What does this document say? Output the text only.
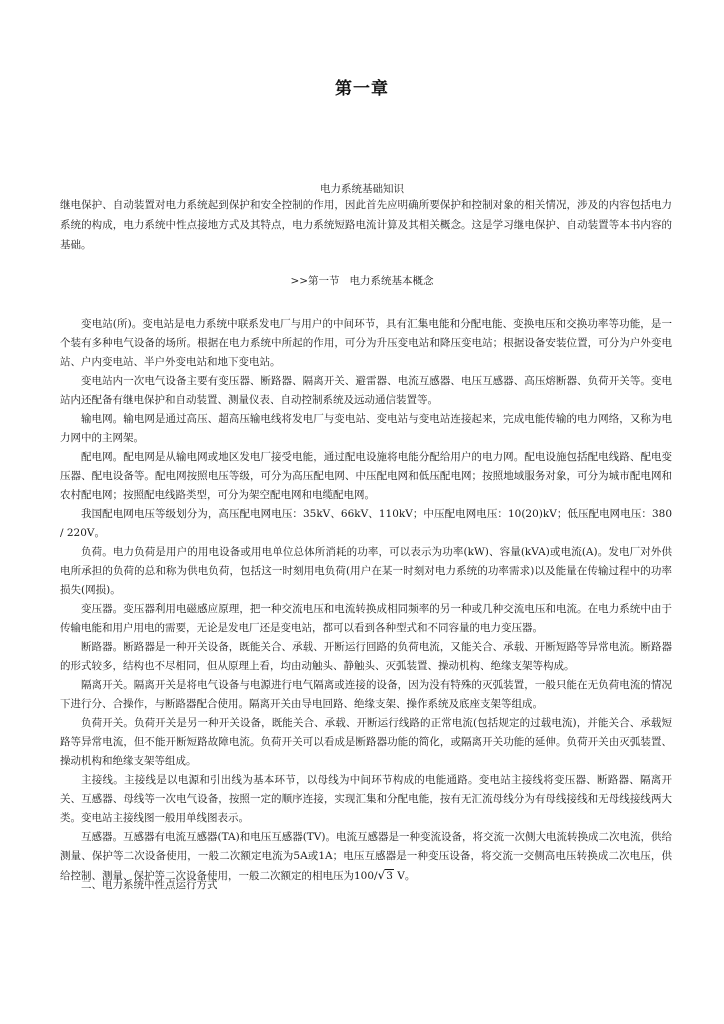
第一章
电力系统基础知识

继电保护、自动装置对电力系统起到保护和安全控制的作用，因此首先应明确所要保护和控制对象的相关情况，涉及的内容包括电力系统的构成，电力系统中性点接地方式及其特点，电力系统短路电流计算及其相关概念。这是学习继电保护、自动装置等本书内容的基础。

>>第一节   电力系统基本概念

变电站(所)。变电站是电力系统中联系发电厂与用户的中间环节，具有汇集电能和分配电能、变换电压和交换功率等功能，是一个装有多种电气设备的场所。根据在电力系统中所起的作用，可分为升压变电站和降压变电站；根据设备安装位置，可分为户外变电站、户内变电站、半户外变电站和地下变电站。

变电站内一次电气设备主要有变压器、断路器、隔离开关、避雷器、电流互感器、电压互感器、高压熔断器、负荷开关等。变电站内还配备有继电保护和自动装置、测量仪表、自动控制系统及远动通信装置等。

输电网。输电网是通过高压、超高压输电线将发电厂与变电站、变电站与变电站连接起来，完成电能传输的电力网络，又称为电力网中的主网架。

配电网。配电网是从输电网或地区发电厂接受电能，通过配电设施将电能分配给用户的电力网。配电设施包括配电线路、配电变压器、配电设备等。配电网按照电压等级，可分为高压配电网、中压配电网和低压配电网；按照地域服务对象，可分为城市配电网和农村配电网；按照配电线路类型，可分为架空配电网和电缆配电网。

我国配电网电压等级划分为，高压配电网电压：35kV、66kV、110kV；中压配电网电压：10(20)kV；低压配电网电压：380 / 220V。

负荷。电力负荷是用户的用电设备或用电单位总体所消耗的功率，可以表示为功率(kW)、容量(kVA)或电流(A)。发电厂对外供电所承担的负荷的总和称为供电负荷，包括这一时刻用电负荷(用户在某一时刻对电力系统的功率需求)以及能量在传输过程中的功率损失(网损)。

变压器。变压器利用电磁感应原理，把一种交流电压和电流转换成相同频率的另一种或几种交流电压和电流。在电力系统中由于传输电能和用户用电的需要，无论是发电厂还是变电站，都可以看到各种型式和不同容量的电力变压器。

断路器。断路器是一种开关设备，既能关合、承载、开断运行回路的负荷电流，又能关合、承载、开断短路等异常电流。断路器的形式较多，结构也不尽相同，但从原理上看，均由动触头、静触头、灭弧装置、操动机构、绝缘支架等构成。

隔离开关。隔离开关是将电气设备与电源进行电气隔离或连接的设备，因为没有特殊的灭弧装置，一般只能在无负荷电流的情况下进行分、合操作，与断路器配合使用。隔离开关由导电回路、绝缘支架、操作系统及底座支架等组成。

负荷开关。负荷开关是另一种开关设备，既能关合、承载、开断运行线路的正常电流(包括规定的过载电流)，并能关合、承载短路等异常电流，但不能开断短路故障电流。负荷开关可以看成是断路器功能的简化，或隔离开关功能的延伸。负荷开关由灭弧装置、操动机构和绝缘支架等组成。

主接线。主接线是以电源和引出线为基本环节，以母线为中间环节构成的电能通路。变电站主接线将变压器、断路器、隔离开关、互感器、母线等一次电气设备，按照一定的顺序连接，实现汇集和分配电能，按有无汇流母线分为有母线接线和无母线接线两大类。变电站主接线图一般用单线图表示。

互感器。互感器有电流互感器(TA)和电压互感器(TV)。电流互感器是一种变流设备，将交流一次侧大电流转换成二次电流，供给测量、保护等二次设备使用，一般二次额定电流为5A或1A；电压互感器是一种变压设备，将交流一交侧高电压转换成二次电压，供给控制、测量、保护等二次设备使用，一般二次额定的相电压为100/√3 V。

二、电力系统中性点运行方式
